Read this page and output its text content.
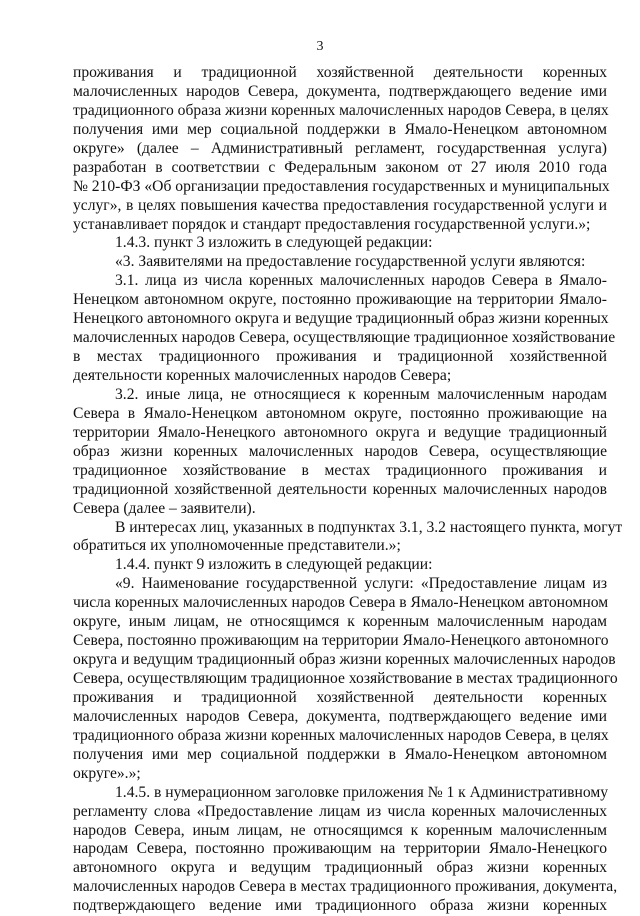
3
проживания и традиционной хозяйственной деятельности коренных
малочисленных народов Севера, документа, подтверждающего ведение ими
традиционного образа жизни коренных малочисленных народов Севера, в целях
получения ими мер социальной поддержки в Ямало-Ненецком автономном
округе» (далее – Административный регламент, государственная услуга)
разработан в соответствии с Федеральным законом от 27 июля 2010 года
№ 210-ФЗ «Об организации предоставления государственных и муниципальных
услуг», в целях повышения качества предоставления государственной услуги и
устанавливает порядок и стандарт предоставления государственной услуги.»;
1.4.3. пункт 3 изложить в следующей редакции:
«3. Заявителями на предоставление государственной услуги являются:
3.1. лица из числа коренных малочисленных народов Севера в Ямало-
Ненецком автономном округе, постоянно проживающие на территории Ямало-
Ненецкого автономного округа и ведущие традиционный образ жизни коренных
малочисленных народов Севера, осуществляющие традиционное хозяйствование
в местах традиционного проживания и традиционной хозяйственной
деятельности коренных малочисленных народов Севера;
3.2. иные лица, не относящиеся к коренным малочисленным народам
Севера в Ямало-Ненецком автономном округе, постоянно проживающие на
территории Ямало-Ненецкого автономного округа и ведущие традиционный
образ жизни коренных малочисленных народов Севера, осуществляющие
традиционное хозяйствование в местах традиционного проживания и
традиционной хозяйственной деятельности коренных малочисленных народов
Севера (далее – заявители).
В интересах лиц, указанных в подпунктах 3.1, 3.2 настоящего пункта, могут
обратиться их уполномоченные представители.»;
1.4.4. пункт 9 изложить в следующей редакции:
«9. Наименование государственной услуги: «Предоставление лицам из
числа коренных малочисленных народов Севера в Ямало-Ненецком автономном
округе, иным лицам, не относящимся к коренным малочисленным народам
Севера, постоянно проживающим на территории Ямало-Ненецкого автономного
округа и ведущим традиционный образ жизни коренных малочисленных народов
Севера, осуществляющим традиционное хозяйствование в местах традиционного
проживания и традиционной хозяйственной деятельности коренных
малочисленных народов Севера, документа, подтверждающего ведение ими
традиционного образа жизни коренных малочисленных народов Севера, в целях
получения ими мер социальной поддержки в Ямало-Ненецком автономном
округе».»;
1.4.5. в нумерационном заголовке приложения № 1 к Административному
регламенту слова «Предоставление лицам из числа коренных малочисленных
народов Севера, иным лицам, не относящимся к коренным малочисленным
народам Севера, постоянно проживающим на территории Ямало-Ненецкого
автономного округа и ведущим традиционный образ жизни коренных
малочисленных народов Севера в местах традиционного проживания, документа,
подтверждающего ведение ими традиционного образа жизни коренных
